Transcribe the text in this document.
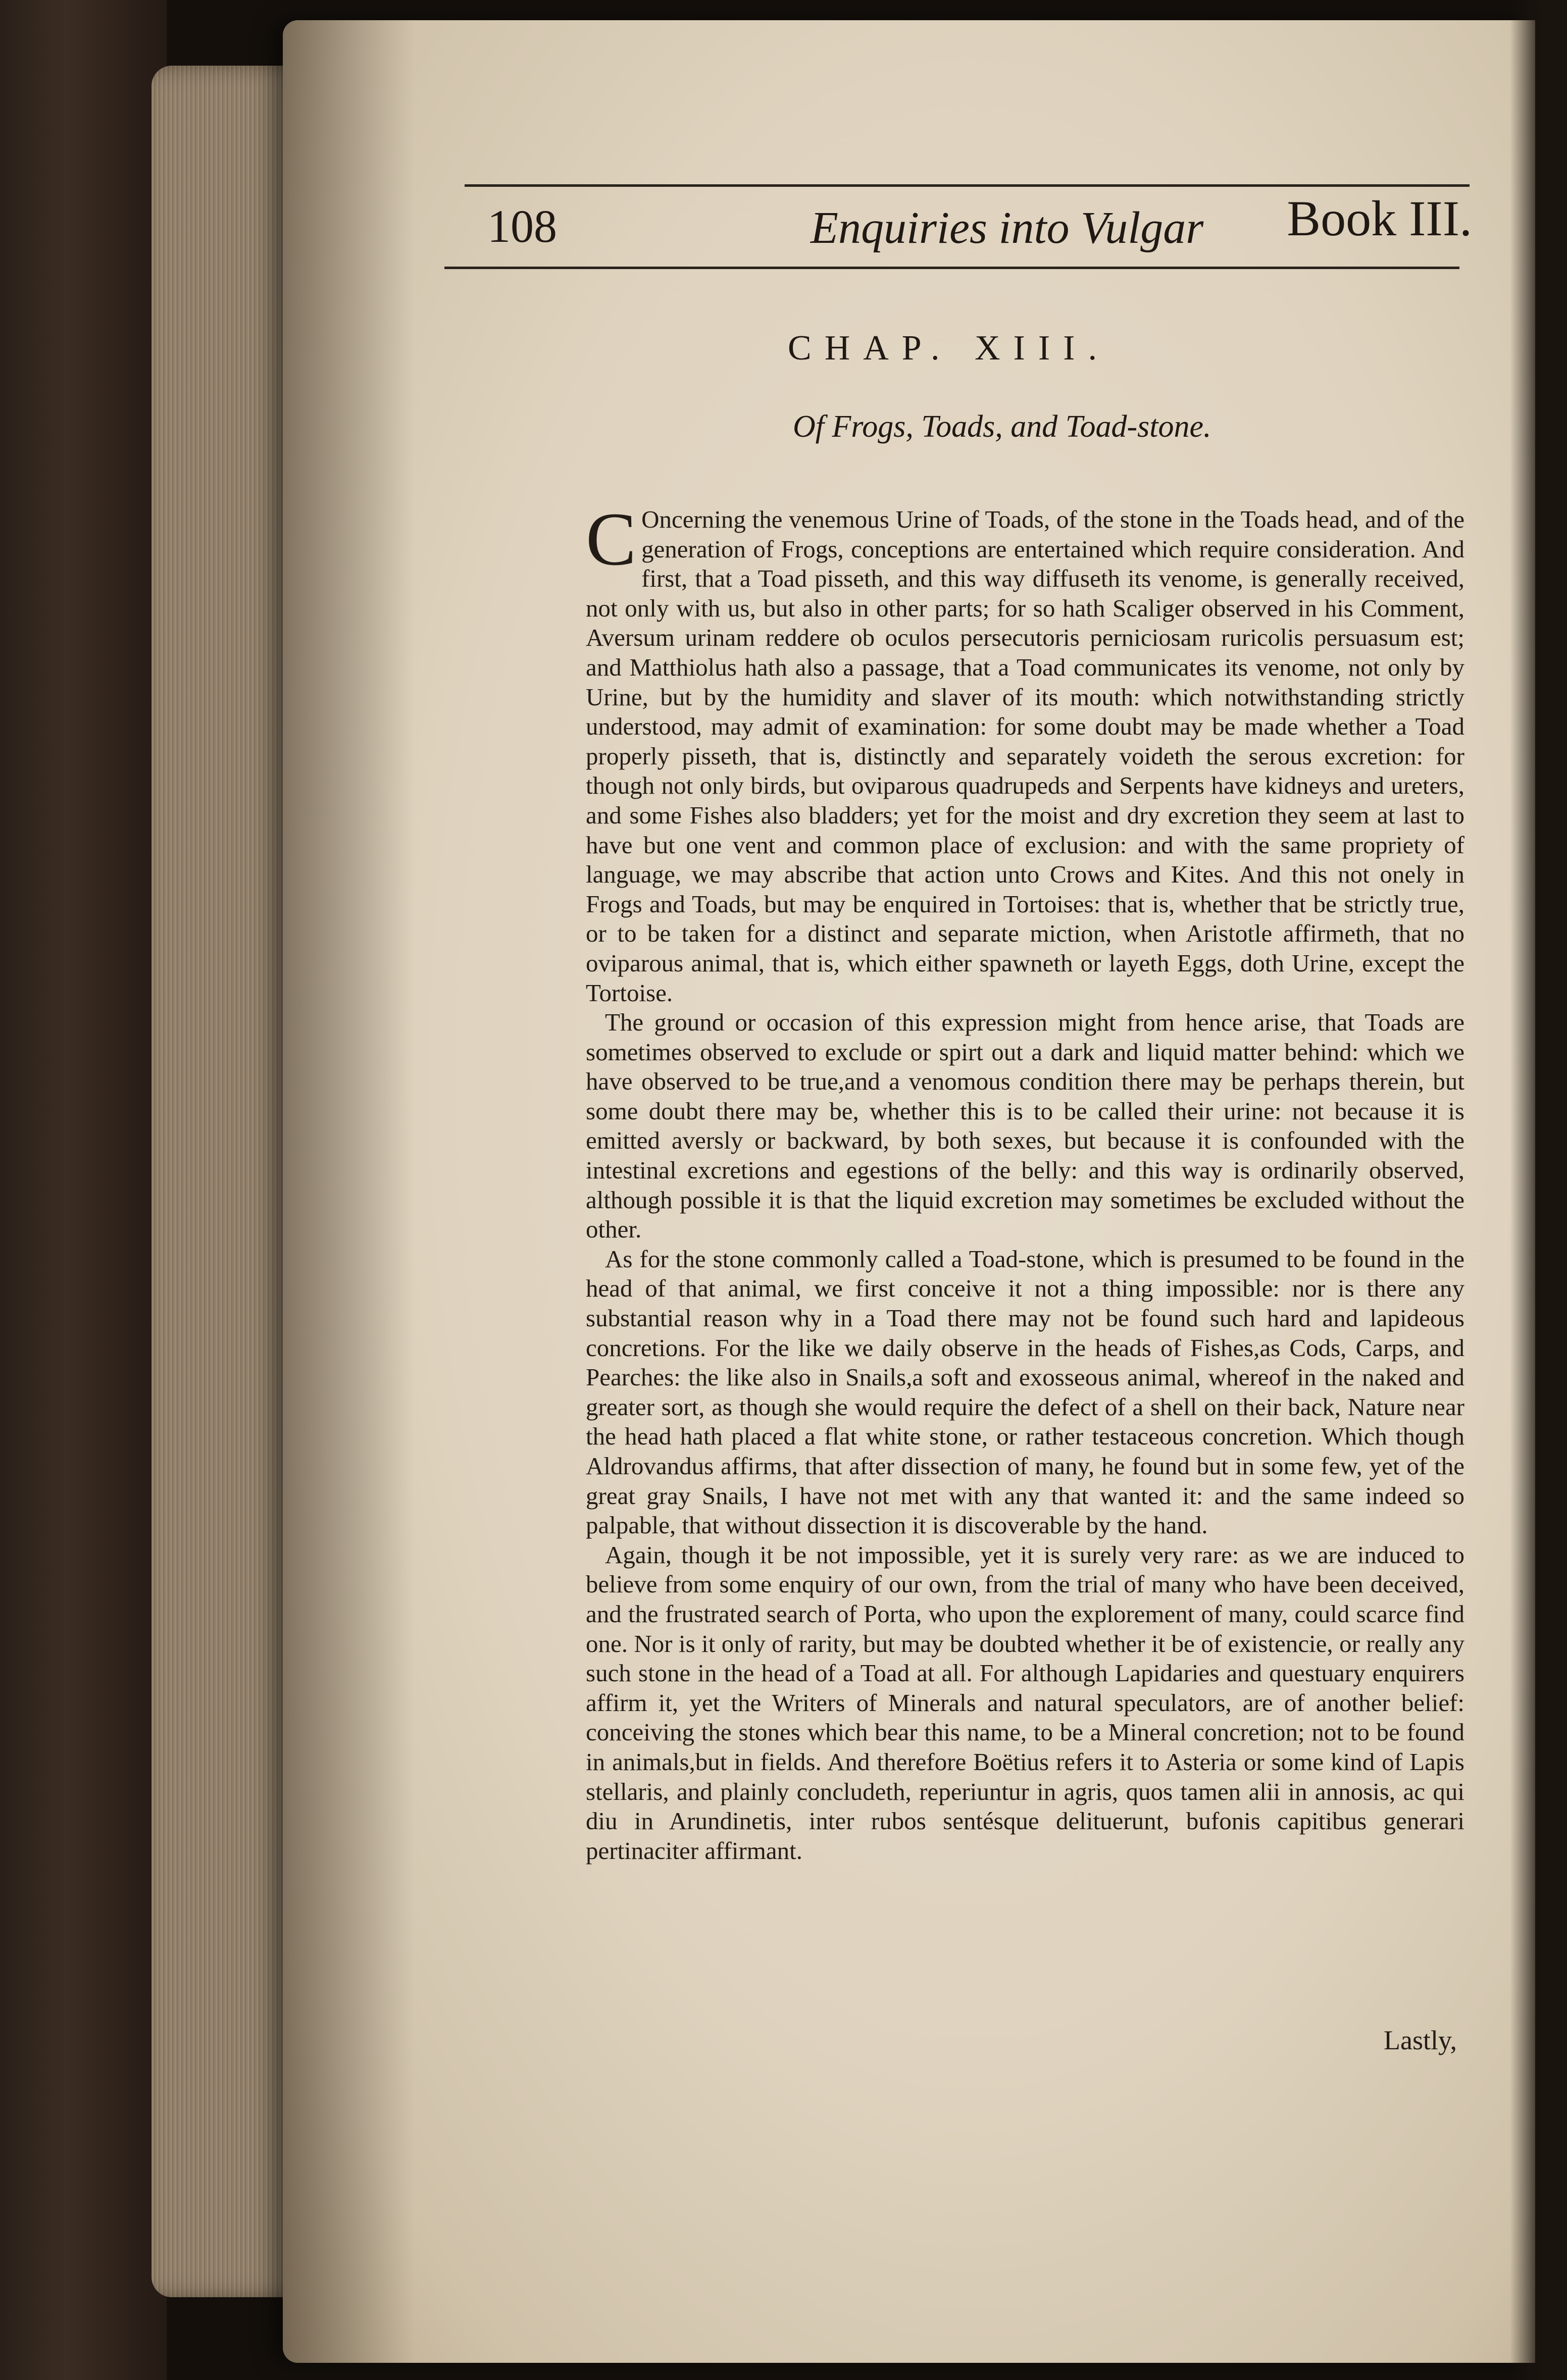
108	Enquiries into Vulgar Book III.
CHAP. XIII.
Of Frogs, Toads, and Toad-stone.

C Oncerning the venemous Urine of Toads, of the stone in the Toads head, and of the generation of Frogs, conceptions are entertained which require consideration. And first, that a Toad pisseth, and this way diffuseth its venome, is generally received, not only with us, but also in other parts; for so hath Scaliger observed in his Comment, Aversum urinam reddere ob oculos persecutoris perniciosam ruricolis persuasum est; and Matthiolus hath also a passage, that a Toad communicates its venome, not only by Urine, but by the humidity and slaver of its mouth: which notwithstanding strictly understood, may admit of examination: for some doubt may be made whether a Toad properly pisseth, that is, distinctly and separately voideth the serous excretion: for though not only birds, but oviparous quadrupeds and Serpents have kidneys and ureters, and some Fishes also bladders; yet for the moist and dry excretion they seem at last to have but one vent and common place of exclusion: and with the same propriety of language, we may abscribe that action unto Crows and Kites. And this not onely in Frogs and Toads, but may be enquired in Tortoises: that is, whether that be strictly true, or to be taken for a distinct and separate miction, when Aristotle affirmeth, that no oviparous animal, that is, which either spawneth or layeth Eggs, doth Urine, except the Tortoise.

The ground or occasion of this expression might from hence arise, that Toads are sometimes observed to exclude or spirt out a dark and liquid matter behind: which we have observed to be true,and a venomous condition there may be perhaps therein, but some doubt there may be, whether this is to be called their urine: not because it is emitted aversly or backward, by both sexes, but because it is confounded with the intestinal excretions and egestions of the belly: and this way is ordinarily observed, although possible it is that the liquid excretion may sometimes be excluded without the other.

As for the stone commonly called a Toad-stone, which is presumed to be found in the head of that animal, we first conceive it not a thing impossible: nor is there any substantial reason why in a Toad there may not be found such hard and lapideous concretions. For the like we daily observe in the heads of Fishes,as Cods, Carps, and Pearches: the like also in Snails,a soft and exosseous animal, whereof in the naked and greater sort, as though she would require the defect of a shell on their back, Nature near the head hath placed a flat white stone, or rather testaceous concretion. Which though Aldrovandus affirms, that after dissection of many, he found but in some few, yet of the great gray Snails, I have not met with any that wanted it: and the same indeed so palpable, that without dissection it is discoverable by the hand.

Again, though it be not impossible, yet it is surely very rare: as we are induced to believe from some enquiry of our own, from the trial of many who have been deceived, and the frustrated search of Porta, who upon the explorement of many, could scarce find one. Nor is it only of rarity, but may be doubted whether it be of existencie, or really any such stone in the head of a Toad at all. For although Lapidaries and questuary enquirers affirm it, yet the Writers of Minerals and natural speculators, are of another belief: conceiving the stones which bear this name, to be a Mineral concretion; not to be found in animals,but in fields. And therefore Boëtius refers it to Asteria or some kind of Lapis stellaris, and plainly concludeth, reperiuntur in agris, quos tamen alii in annosis, ac qui diu in Arundinetis, inter rubos sentésque delituerunt, bufonis capitibus generari pertinaciter affirmant.

Lastly,
